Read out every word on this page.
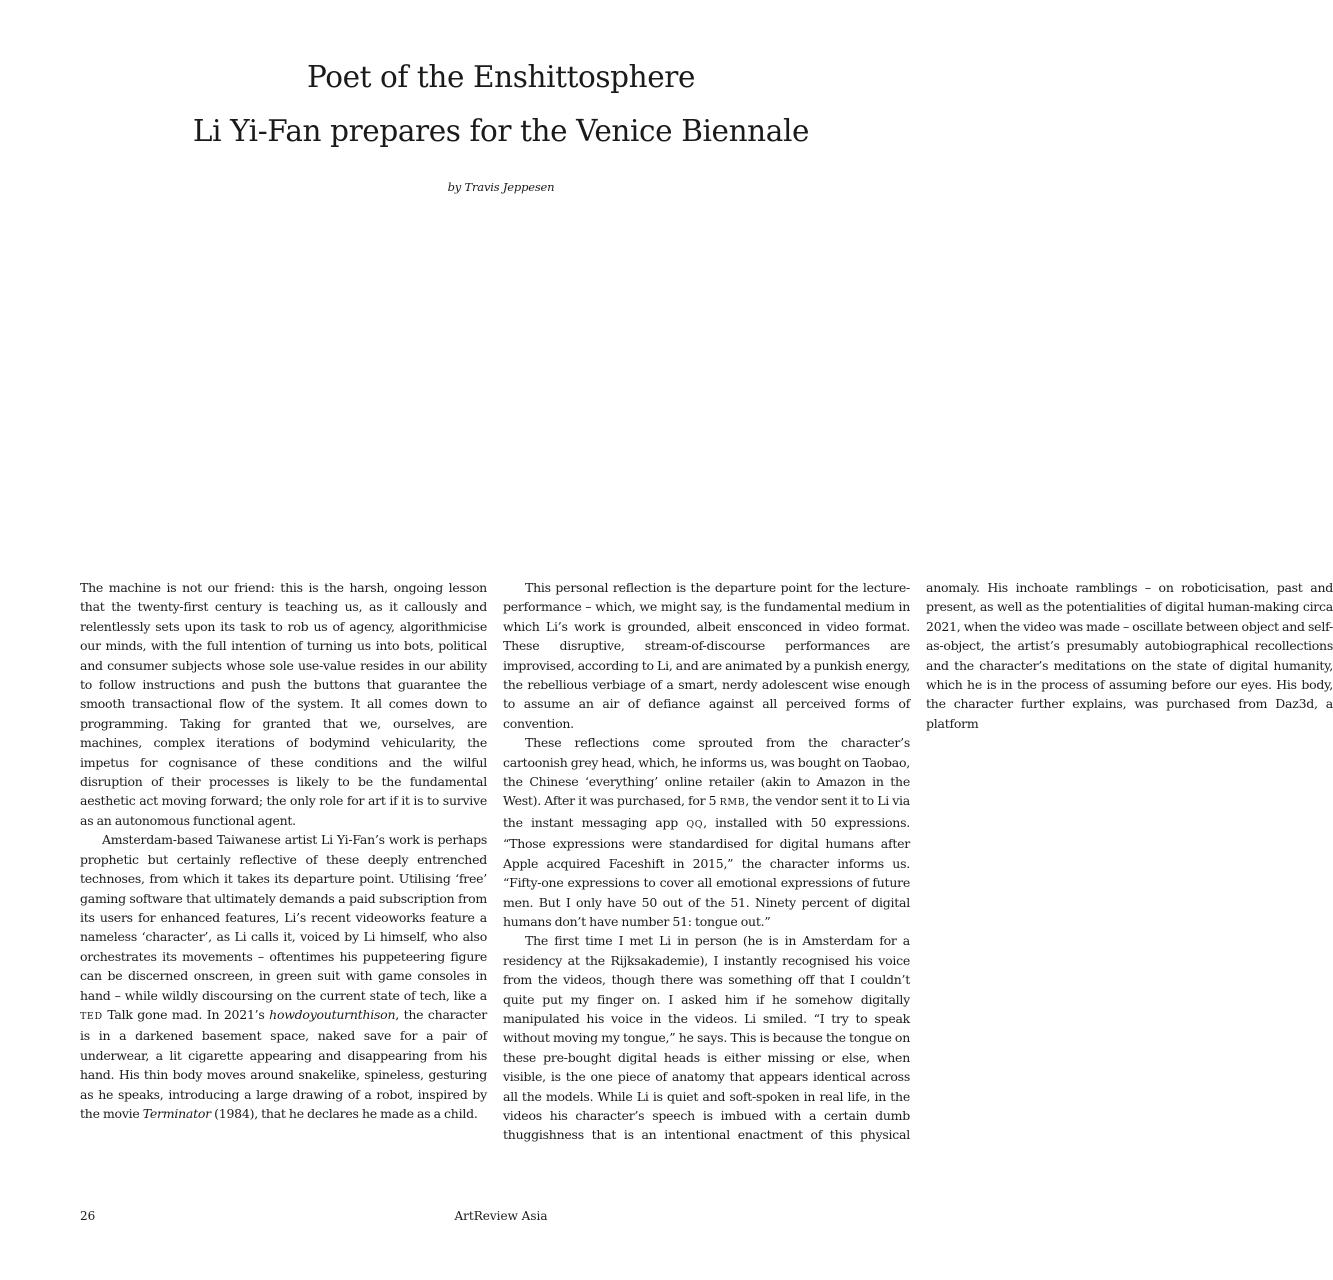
Poet of the Enshittosphere
Li Yi-Fan prepares for the Venice Biennale
by Travis Jeppesen

The machine is not our friend: this is the harsh, ongoing lesson that the twenty-first century is teaching us, as it callously and relentlessly sets upon its task to rob us of agency, algorithmicise our minds, with the full intention of turning us into bots, political and consumer subjects whose sole use-value resides in our ability to follow instructions and push the buttons that guarantee the smooth transactional flow of the system. It all comes down to programming. Taking for granted that we, ourselves, are machines, complex iterations of bodymind vehicularity, the impetus for cognisance of these conditions and the wilful disruption of their processes is likely to be the fundamental aesthetic act moving forward; the only role for art if it is to survive as an autonomous functional agent.

Amsterdam-based Taiwanese artist Li Yi-Fan’s work is perhaps prophetic but certainly reflective of these deeply entrenched technoses, from which it takes its departure point. Utilising ‘free’ gaming software that ultimately demands a paid subscription from its users for enhanced features, Li’s recent videoworks feature a nameless ‘character’, as Li calls it, voiced by Li himself, who also orchestrates its movements – oftentimes his puppeteering figure can be discerned onscreen, in green suit with game consoles in hand – while wildly discoursing on the current state of tech, like a TED Talk gone mad. In 2021’s howdoyouturnthison, the character is in a darkened basement space, naked save for a pair of underwear, a lit cigarette appearing and disappearing from his hand. His thin body moves around snakelike, spineless, gesturing as he speaks, introducing a large drawing of a robot, inspired by the movie Terminator (1984), that he declares he made as a child.

This personal reflection is the departure point for the lecture-performance – which, we might say, is the fundamental medium in which Li’s work is grounded, albeit ensconced in video format. These disruptive, stream-of-discourse performances are improvised, according to Li, and are animated by a punkish energy, the rebellious verbiage of a smart, nerdy adolescent wise enough to assume an air of defiance against all perceived forms of convention.

These reflections come sprouted from the character’s cartoonish grey head, which, he informs us, was bought on Taobao, the Chinese ‘everything’ online retailer (akin to Amazon in the West). After it was purchased, for 5 RMB, the vendor sent it to Li via the instant messaging app QQ, installed with 50 expressions. “Those expressions were standardised for digital humans after Apple acquired Faceshift in 2015,” the character informs us. “Fifty-one expressions to cover all emotional expressions of future men. But I only have 50 out of the 51. Ninety percent of digital humans don’t have number 51: tongue out.”

The first time I met Li in person (he is in Amsterdam for a residency at the Rijksakademie), I instantly recognised his voice from the videos, though there was something off that I couldn’t quite put my finger on. I asked him if he somehow digitally manipulated his voice in the videos. Li smiled. “I try to speak without moving my tongue,” he says. This is because the tongue on these pre-bought digital heads is either missing or else, when visible, is the one piece of anatomy that appears identical across all the models. While Li is quiet and soft-spoken in real life, in the videos his character’s speech is imbued with a certain dumb thuggishness that is an intentional enactment of this physical anomaly. His inchoate ramblings – on roboticisation, past and present, as well as the potentialities of digital human-making circa 2021, when the video was made – oscillate between object and self-as-object, the artist’s presumably autobiographical recollections and the character’s meditations on the state of digital humanity, which he is in the process of assuming before our eyes. His body, the character further explains, was purchased from Daz3d, a platform

26	ArtReview Asia
